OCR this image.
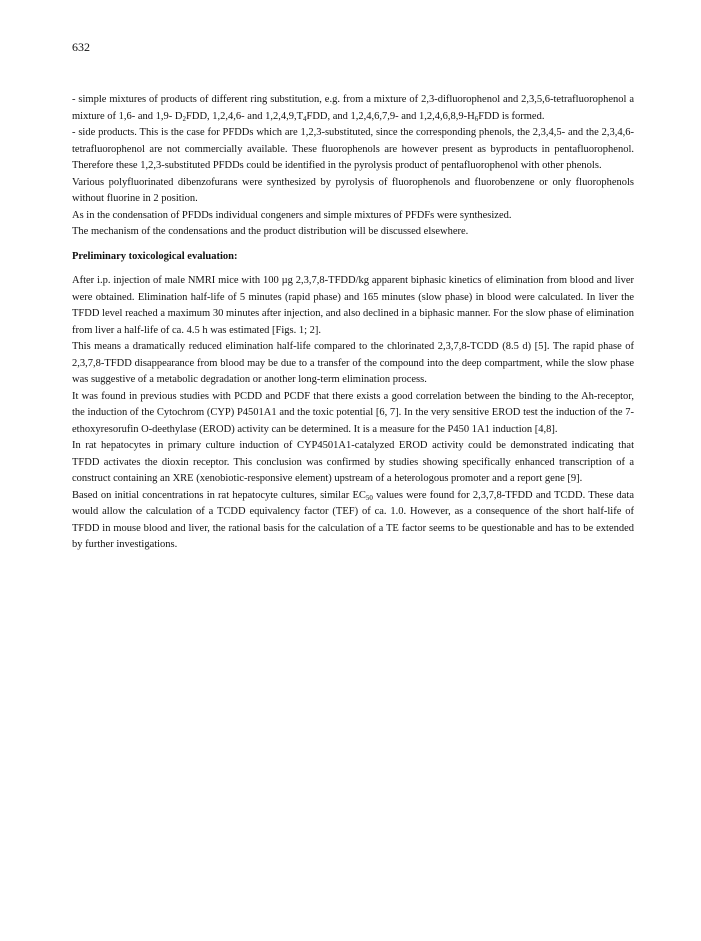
632

- simple mixtures of products of different ring substitution, e.g. from a mixture of 2,3-difluorophenol and 2,3,5,6-tetrafluorophenol a mixture of 1,6- and 1,9- $D_2FDD$, 1,2,4,6- and $1,2,4,9,T_4FDD$, and 1,2,4,6,7,9- and $1,2,4,6,8,9-H_6FDD$ is formed.

- side products. This is the case for PFDDs which are 1,2,3-substituted, since the corresponding phenols, the 2,3,4,5- and the 2,3,4,6-tetrafluorophenol are not commercially available. These fluorophenols are however present as byproducts in pentafluorophenol. Therefore these 1,2,3-substituted PFDDs could be identified in the pyrolysis product of pentafluorophenol with other phenols.

Various polyfluorinated dibenzofurans were synthesized by pyrolysis of fluorophenols and fluorobenzene or only fluorophenols without fluorine in 2 position.

As in the condensation of PFDDs individual congeners and simple mixtures of PFDFs were synthesized.

The mechanism of the condensations and the product distribution will be discussed elsewhere.

Preliminary toxicological evaluation:

After i.p. injection of male NMRI mice with 100 µg 2,3,7,8-TFDD/kg apparent biphasic kinetics of elimination from blood and liver were obtained. Elimination half-life of 5 minutes (rapid phase) and 165 minutes (slow phase) in blood were calculated. In liver the TFDD level reached a maximum 30 minutes after injection, and also declined in a biphasic manner. For the slow phase of elimination from liver a half-life of ca. 4.5 h was estimated [Figs. 1; 2].

This means a dramatically reduced elimination half-life compared to the chlorinated 2,3,7,8-TCDD (8.5 d) [5]. The rapid phase of 2,3,7,8-TFDD disappearance from blood may be due to a transfer of the compound into the deep compartment, while the slow phase was suggestive of a metabolic degradation or another long-term elimination process.

It was found in previous studies with PCDD and PCDF that there exists a good correlation between the binding to the Ah-receptor, the induction of the Cytochrom (CYP) P4501A1 and the toxic potential [6, 7]. In the very sensitive EROD test the induction of the 7-ethoxyresorufin O-deethylase (EROD) activity can be determined. It is a measure for the P450 1A1 induction [4,8].

In rat hepatocytes in primary culture induction of CYP4501A1-catalyzed EROD activity could be demonstrated indicating that TFDD activates the dioxin receptor. This conclusion was confirmed by studies showing specifically enhanced transcription of a construct containing an XRE (xenobiotic-responsive element) upstream of a heterologous promoter and a report gene [9].

Based on initial concentrations in rat hepatocyte cultures, similar $EC_{50}$ values were found for 2,3,7,8-TFDD and TCDD. These data would allow the calculation of a TCDD equivalency factor (TEF) of ca. 1.0. However, as a consequence of the short half-life of TFDD in mouse blood and liver, the rational basis for the calculation of a TE factor seems to be questionable and has to be extended by further investigations.
